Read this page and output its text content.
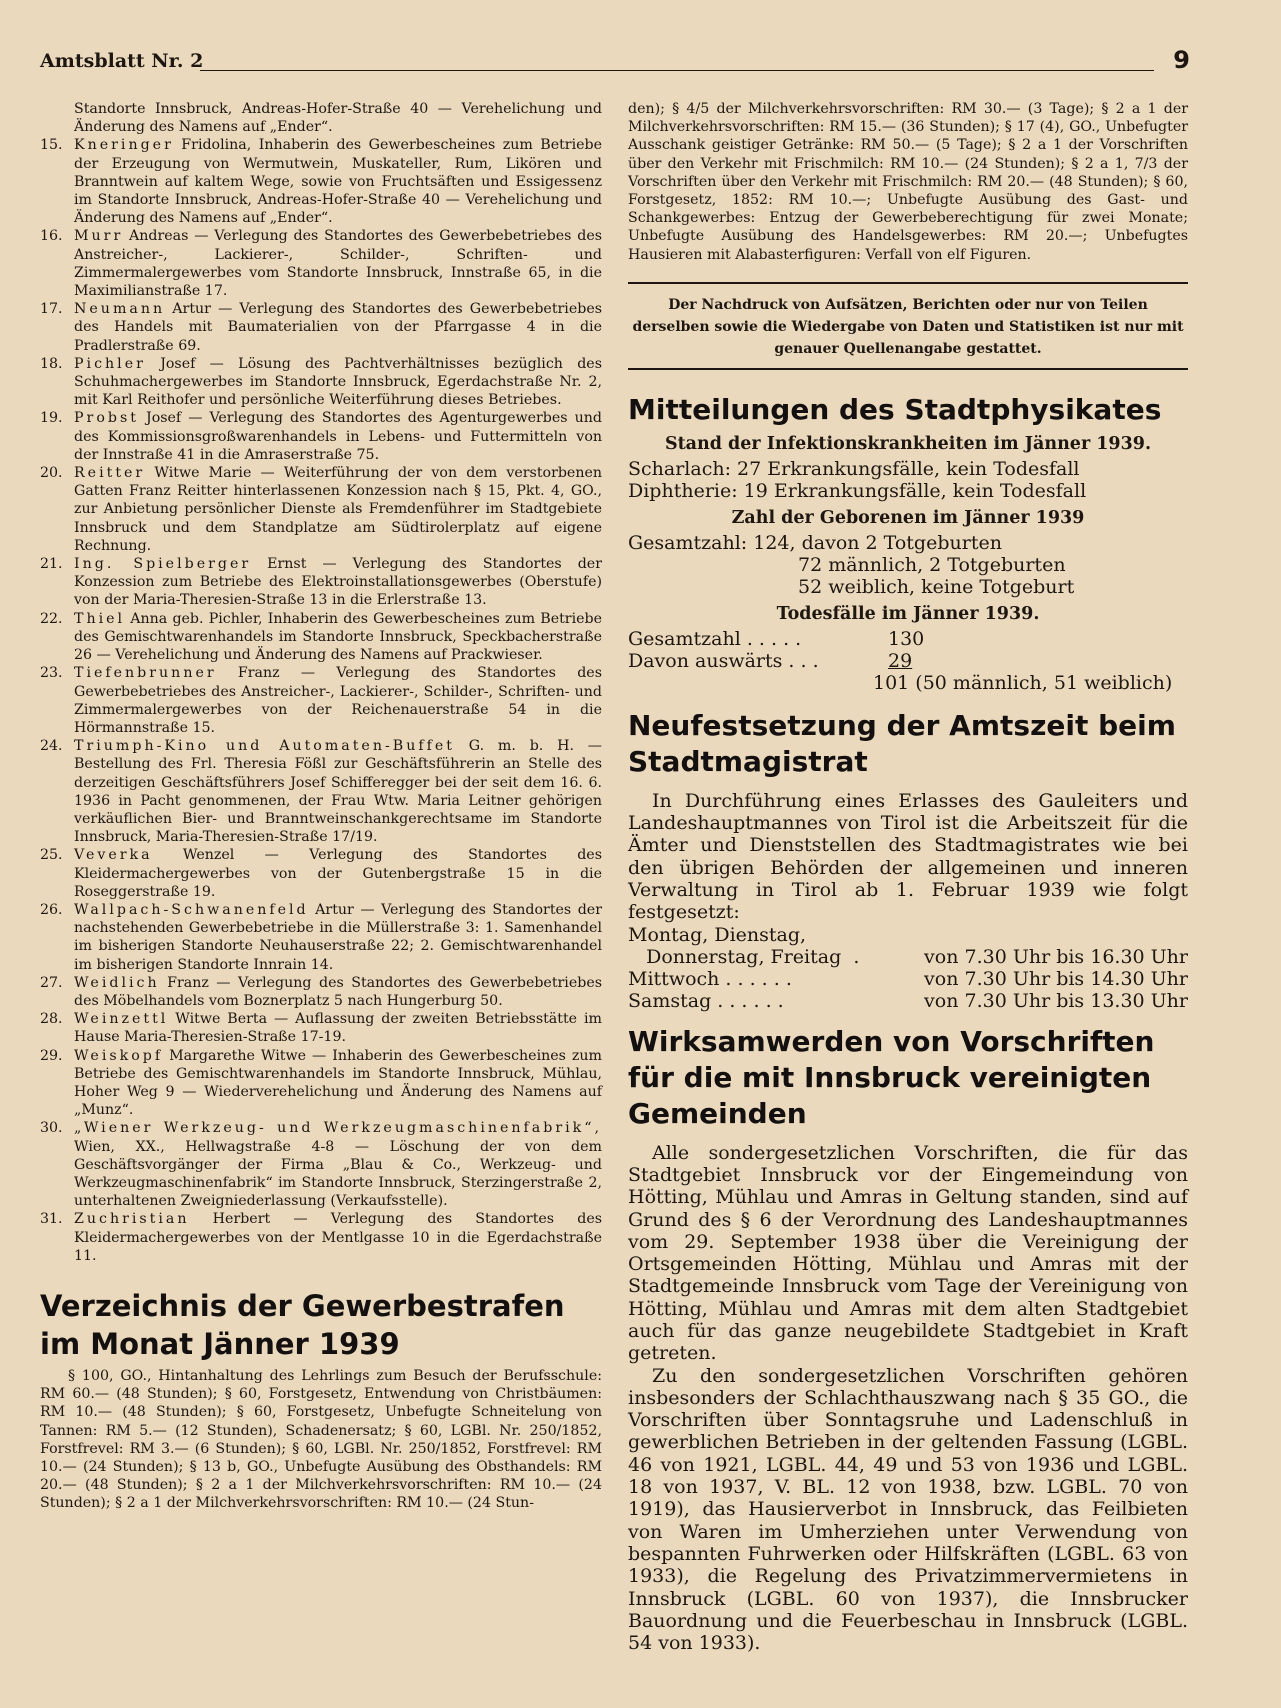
Amtsblatt Nr. 2	9

Standorte Innsbruck, Andreas-Hofer-Straße 40 — Verehelichung und Änderung des Namens auf „Ender“.

15. Kneringer Fridolina, Inhaberin des Gewerbescheines zum Betriebe der Erzeugung von Wermutwein, Muskateller, Rum, Likören und Branntwein auf kaltem Wege, sowie von Fruchtsäften und Essigessenz im Standorte Innsbruck, Andreas-Hofer-Straße 40 — Verehelichung und Änderung des Namens auf „Ender“.
16. Murr Andreas — Verlegung des Standortes des Gewerbebetriebes des Anstreicher-, Lackierer-, Schilder-, Schriften- und Zimmermalergewerbes vom Standorte Innsbruck, Innstraße 65, in die Maximilianstraße 17.
17. Neumann Artur — Verlegung des Standortes des Gewerbebetriebes des Handels mit Baumaterialien von der Pfarrgasse 4 in die Pradlerstraße 69.
18. Pichler Josef — Lösung des Pachtverhältnisses bezüglich des Schuhmachergewerbes im Standorte Innsbruck, Egerdachstraße Nr. 2, mit Karl Reithofer und persönliche Weiterführung dieses Betriebes.
19. Probst Josef — Verlegung des Standortes des Agenturgewerbes und des Kommissionsgroßwarenhandels in Lebens- und Futtermitteln von der Innstraße 41 in die Amraserstraße 75.
20. Reitter Witwe Marie — Weiterführung der von dem verstorbenen Gatten Franz Reitter hinterlassenen Konzession nach § 15, Pkt. 4, GO., zur Anbietung persönlicher Dienste als Fremdenführer im Stadtgebiete Innsbruck und dem Standplatze am Südtirolerplatz auf eigene Rechnung.
21. Ing. Spielberger Ernst — Verlegung des Standortes der Konzession zum Betriebe des Elektroinstallationsgewerbes (Oberstufe) von der Maria-Theresien-Straße 13 in die Erlerstraße 13.
22. Thiel Anna geb. Pichler, Inhaberin des Gewerbescheines zum Betriebe des Gemischtwarenhandels im Standorte Innsbruck, Speckbacherstraße 26 — Verehelichung und Änderung des Namens auf Prackwieser.
23. Tiefenbrunner Franz — Verlegung des Standortes des Gewerbebetriebes des Anstreicher-, Lackierer-, Schilder-, Schriften- und Zimmermalergewerbes von der Reichenauerstraße 54 in die Hörmannstraße 15.
24. Triumph-Kino und Automaten-Buffet G. m. b. H. — Bestellung des Frl. Theresia Fößl zur Geschäftsführerin an Stelle des derzeitigen Geschäftsführers Josef Schifferegger bei der seit dem 16. 6. 1936 in Pacht genommenen, der Frau Wtw. Maria Leitner gehörigen verkäuflichen Bier- und Branntweinschankgerechtsame im Standorte Innsbruck, Maria-Theresien-Straße 17/19.
25. Veverka Wenzel — Verlegung des Standortes des Kleidermachergewerbes von der Gutenbergstraße 15 in die Roseggerstraße 19.
26. Wallpach-Schwanenfeld Artur — Verlegung des Standortes der nachstehenden Gewerbebetriebe in die Müllerstraße 3: 1. Samenhandel im bisherigen Standorte Neuhauserstraße 22; 2. Gemischtwarenhandel im bisherigen Standorte Innrain 14.
27. Weidlich Franz — Verlegung des Standortes des Gewerbebetriebes des Möbelhandels vom Boznerplatz 5 nach Hungerburg 50.
28. Weinzettl Witwe Berta — Auflassung der zweiten Betriebsstätte im Hause Maria-Theresien-Straße 17-19.
29. Weiskopf Margarethe Witwe — Inhaberin des Gewerbescheines zum Betriebe des Gemischtwarenhandels im Standorte Innsbruck, Mühlau, Hoher Weg 9 — Wiederverehelichung und Änderung des Namens auf „Munz“.
30. „Wiener Werkzeug- und Werkzeugmaschinenfabrik“, Wien, XX., Hellwagstraße 4-8 — Löschung der von dem Geschäftsvorgänger der Firma „Blau & Co., Werkzeug- und Werkzeugmaschinenfabrik“ im Standorte Innsbruck, Sterzingerstraße 2, unterhaltenen Zweigniederlassung (Verkaufsstelle).
31. Zuchristian Herbert — Verlegung des Standortes des Kleidermachergewerbes von der Mentlgasse 10 in die Egerdachstraße 11.
Verzeichnis der Gewerbestrafen im Monat Jänner 1939

§ 100, GO., Hintanhaltung des Lehrlings zum Besuch der Berufsschule: RM 60.— (48 Stunden); § 60, Forstgesetz, Entwendung von Christbäumen: RM 10.— (48 Stunden); § 60, Forstgesetz, Unbefugte Schneitelung von Tannen: RM 5.— (12 Stunden), Schadenersatz; § 60, LGBl. Nr. 250/1852, Forstfrevel: RM 3.— (6 Stunden); § 60, LGBl. Nr. 250/1852, Forstfrevel: RM 10.— (24 Stunden); § 13 b, GO., Unbefugte Ausübung des Obsthandels: RM 20.— (48 Stunden); § 2 a 1 der Milchverkehrsvorschriften: RM 10.— (24 Stunden); § 2 a 1 der Milchverkehrsvorschriften: RM 10.— (24 Stun-

den); § 4/5 der Milchverkehrsvorschriften: RM 30.— (3 Tage); § 2 a 1 der Milchverkehrsvorschriften: RM 15.— (36 Stunden); § 17 (4), GO., Unbefugter Ausschank geistiger Getränke: RM 50.— (5 Tage); § 2 a 1 der Vorschriften über den Verkehr mit Frischmilch: RM 10.— (24 Stunden); § 2 a 1, 7/3 der Vorschriften über den Verkehr mit Frischmilch: RM 20.— (48 Stunden); § 60, Forstgesetz, 1852: RM 10.—; Unbefugte Ausübung des Gast- und Schankgewerbes: Entzug der Gewerbeberechtigung für zwei Monate; Unbefugte Ausübung des Handelsgewerbes: RM 20.—; Unbefugtes Hausieren mit Alabasterfiguren: Verfall von elf Figuren.

Der Nachdruck von Aufsätzen, Berichten oder nur von Teilen derselben sowie die Wiedergabe von Daten und Statistiken ist nur mit genauer Quellenangabe gestattet.
Mitteilungen des Stadtphysikates
Stand der Infektionskrankheiten im Jänner 1939.
Scharlach: 27 Erkrankungsfälle, kein Todesfall
Diphtherie: 19 Erkrankungsfälle, kein Todesfall
Zahl der Geborenen im Jänner 1939
Gesamtzahl: 124, davon 2 Totgeburten
72 männlich, 2 Totgeburten
52 weiblich, keine Totgeburt
Todesfälle im Jänner 1939.
Gesamtzahl . . . . .	130
Davon auswärts . . .	29
101 (50 männlich, 51 weiblich)
Neufestsetzung der Amtszeit beim Stadtmagistrat

In Durchführung eines Erlasses des Gauleiters und Landeshauptmannes von Tirol ist die Arbeitszeit für die Ämter und Dienststellen des Stadtmagistrates wie bei den übrigen Behörden der allgemeinen und inneren Verwaltung in Tirol ab 1. Februar 1939 wie folgt festgesetzt:

Montag, Dienstag,
Donnerstag, Freitag  .	von 7.30 Uhr bis 16.30 Uhr
Mittwoch . . . . . .	von 7.30 Uhr bis 14.30 Uhr
Samstag . . . . . .	von 7.30 Uhr bis 13.30 Uhr
Wirksamwerden von Vorschriften für die mit Innsbruck vereinigten Gemeinden

Alle sondergesetzlichen Vorschriften, die für das Stadtgebiet Innsbruck vor der Eingemeindung von Hötting, Mühlau und Amras in Geltung standen, sind auf Grund des § 6 der Verordnung des Landeshauptmannes vom 29. September 1938 über die Vereinigung der Ortsgemeinden Hötting, Mühlau und Amras mit der Stadtgemeinde Innsbruck vom Tage der Vereinigung von Hötting, Mühlau und Amras mit dem alten Stadtgebiet auch für das ganze neugebildete Stadtgebiet in Kraft getreten.

Zu den sondergesetzlichen Vorschriften gehören insbesonders der Schlachthauszwang nach § 35 GO., die Vorschriften über Sonntagsruhe und Ladenschluß in gewerblichen Betrieben in der geltenden Fassung (LGBL. 46 von 1921, LGBL. 44, 49 und 53 von 1936 und LGBL. 18 von 1937, V. BL. 12 von 1938, bzw. LGBL. 70 von 1919), das Hausierverbot in Innsbruck, das Feilbieten von Waren im Umherziehen unter Verwendung von bespannten Fuhrwerken oder Hilfskräften (LGBL. 63 von 1933), die Regelung des Privatzimmervermietens in Innsbruck (LGBL. 60 von 1937), die Innsbrucker Bauordnung und die Feuerbeschau in Innsbruck (LGBL. 54 von 1933).
